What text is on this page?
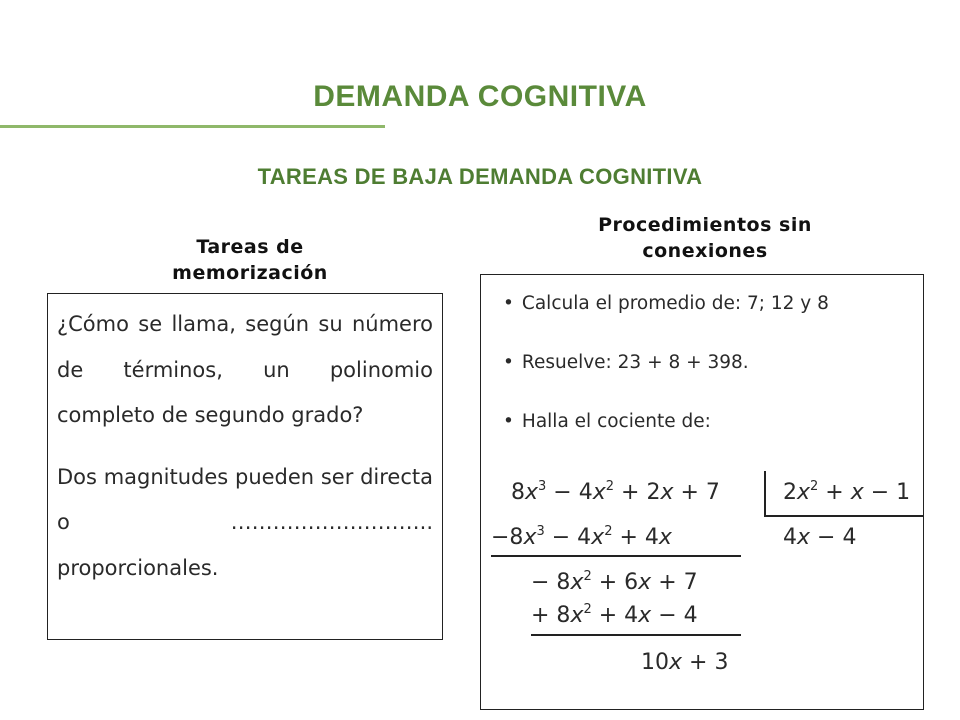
DEMANDA COGNITIVA
TAREAS DE BAJA DEMANDA COGNITIVA
Tareas de memorización
Procedimientos sin conexiones

¿Cómo se llama, según su número de términos, un polinomio completo de segundo grado?

Dos magnitudes pueden ser directa o ……………………….. proporcionales.

• Calcula el promedio de: 7; 12 y 8
• Resuelve: 23 + 8 + 398.
• Halla el cociente de:
$8x^3 - 4x^2 + 2x + 7$	$2x^2 + x - 1$
4x − 4
$-8x^3 - 4x^2 + 4x$
− $8x^2 + 6x + 7$
+ $8x^2 + 4x - 4$
10x + 3
